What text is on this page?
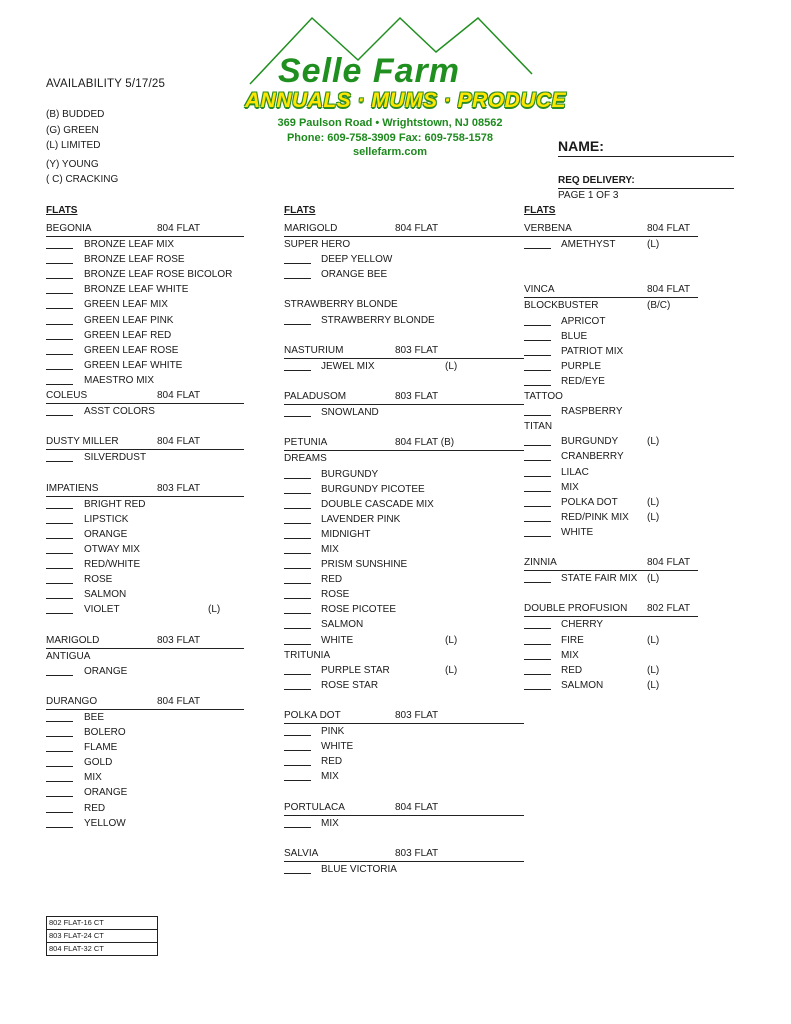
AVAILABILITY 5/17/25
(B) BUDDED
(G) GREEN
(L) LIMITED
(Y) YOUNG
( C) CRACKING
Selle Farm
ANNUALS · MUMS · PRODUCE
369 Paulson Road • Wrightstown, NJ 08562
Phone: 609-758-3909 Fax: 609-758-1578
sellefarm.com	NAME:
REQ DELIVERY:
PAGE 1 OF 3
FLATS
BEGONIA	804 FLAT
BRONZE LEAF MIX
BRONZE LEAF ROSE
BRONZE LEAF ROSE BICOLOR
BRONZE LEAF WHITE
GREEN LEAF MIX
GREEN LEAF PINK
GREEN LEAF RED
GREEN LEAF ROSE
GREEN LEAF WHITE
MAESTRO MIX
COLEUS	804 FLAT
ASST COLORS
DUSTY MILLER	804 FLAT
SILVERDUST
IMPATIENS	803 FLAT
BRIGHT RED
LIPSTICK
ORANGE
OTWAY MIX
RED/WHITE
ROSE
SALMON
VIOLET	(L)
MARIGOLD	803 FLAT
ANTIGUA
ORANGE
DURANGO	804 FLAT
BEE
BOLERO
FLAME
GOLD
MIX
ORANGE
RED
YELLOW
FLATS
MARIGOLD	804 FLAT
SUPER HERO
DEEP YELLOW
ORANGE BEE
STRAWBERRY BLONDE
STRAWBERRY BLONDE
NASTURIUM	803 FLAT
JEWEL MIX	(L)
PALADUSOM	803 FLAT
SNOWLAND
PETUNIA	804 FLAT (B)
DREAMS
BURGUNDY
BURGUNDY PICOTEE
DOUBLE CASCADE MIX
LAVENDER PINK
MIDNIGHT
MIX
PRISM SUNSHINE
RED
ROSE
ROSE PICOTEE
SALMON
WHITE	(L)
TRITUNIA
PURPLE STAR	(L)
ROSE STAR
POLKA DOT	803 FLAT
PINK
WHITE
RED
MIX
PORTULACA	804 FLAT
MIX
SALVIA	803 FLAT
BLUE VICTORIA
FLATS
VERBENA	804 FLAT
AMETHYST	(L)
VINCA	804 FLAT
BLOCKBUSTER	(B/C)
APRICOT
BLUE
PATRIOT MIX
PURPLE
RED/EYE
TATTOO
RASPBERRY
TITAN
BURGUNDY	(L)
CRANBERRY
LILAC
MIX
POLKA DOT	(L)
RED/PINK MIX (L)
WHITE
ZINNIA	804 FLAT
STATE FAIR MIX (L)
DOUBLE PROFUSION 802 FLAT
CHERRY
FIRE	(L)
MIX
RED	(L)
SALMON	(L)
802 FLAT-16 CT
803 FLAT-24 CT
804 FLAT-32 CT
